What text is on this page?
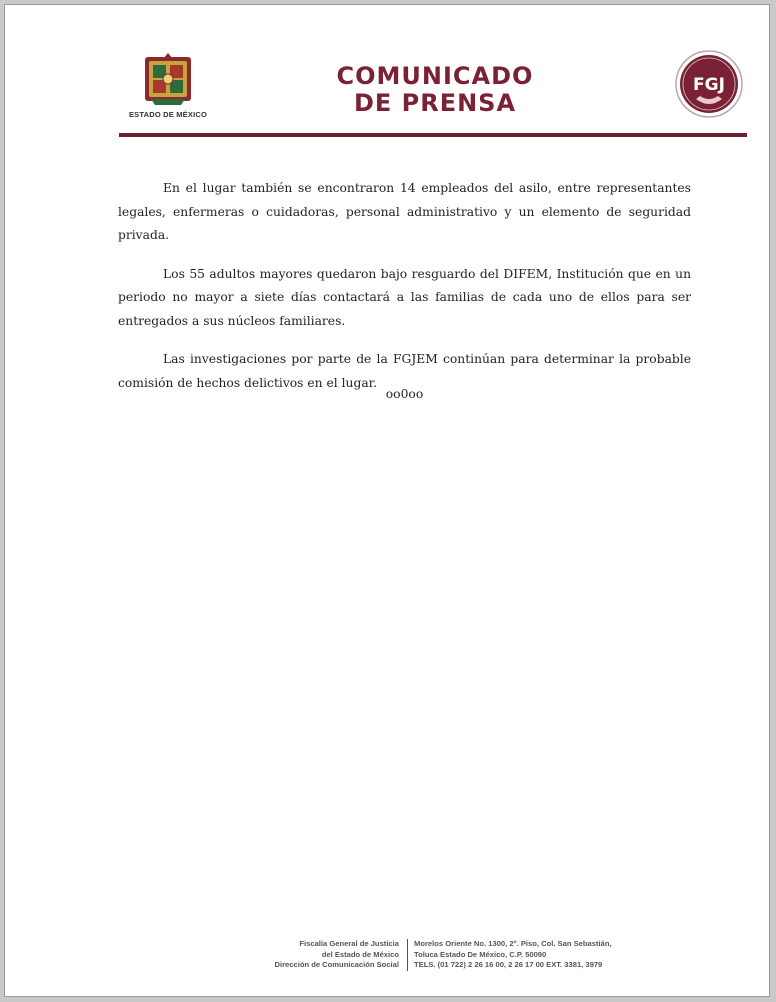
ESTADO DE MÉXICO
COMUNICADO
DE PRENSA
FGJ

En el lugar también se encontraron 14 empleados del asilo, entre representantes legales, enfermeras o cuidadoras, personal administrativo y un elemento de seguridad privada.

Los 55 adultos mayores quedaron bajo resguardo del DIFEM, Institución que en un periodo no mayor a siete días contactará a las familias de cada uno de ellos para ser entregados a sus núcleos familiares.

Las investigaciones por parte de la FGJEM continúan para determinar la probable comisión de hechos delictivos en el lugar.

oo0oo
Fiscalía General de Justicia
del Estado de México
Dirección de Comunicación Social
Morelos Oriente No. 1300, 2°. Piso, Col. San Sebastián,
Toluca Estado De México, C.P. 50090
TELS. (01 722) 2 26 16 00, 2 26 17 00 EXT. 3381, 3979
